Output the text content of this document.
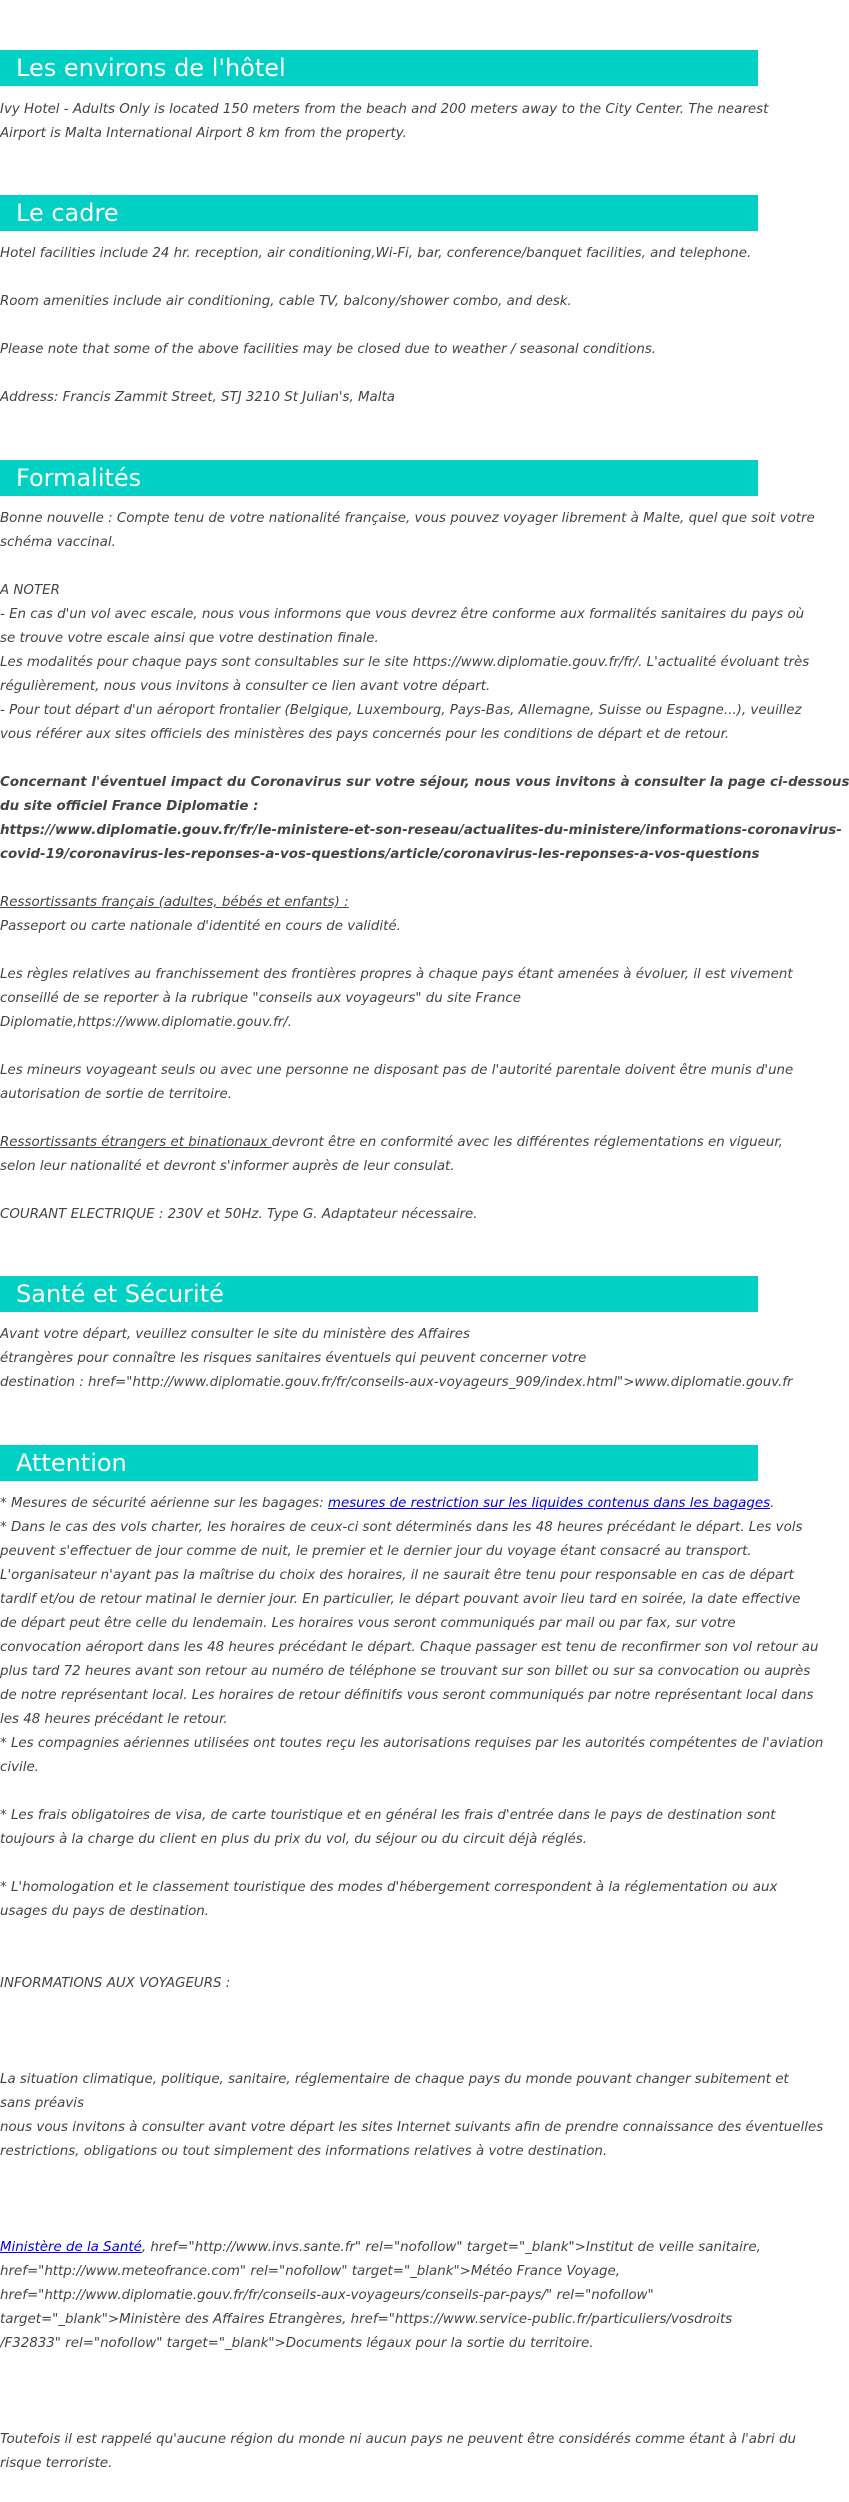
Les environs de l'hôtel
Ivy Hotel - Adults Only is located 150 meters from the beach and 200 meters away to the City Center. The nearest
Airport is Malta International Airport 8 km from the property.
Le cadre
Hotel facilities include 24 hr. reception, air conditioning,Wi-Fi, bar, conference/banquet facilities, and telephone.
Room amenities include air conditioning, cable TV, balcony/shower combo, and desk.
Please note that some of the above facilities may be closed due to weather / seasonal conditions.
Address: Francis Zammit Street, STJ 3210 St Julian's, Malta
Formalités
Bonne nouvelle : Compte tenu de votre nationalité française, vous pouvez voyager librement à Malte, quel que soit votre
schéma vaccinal.
A NOTER
- En cas d'un vol avec escale, nous vous informons que vous devrez être conforme aux formalités sanitaires du pays où
se trouve votre escale ainsi que votre destination finale.
Les modalités pour chaque pays sont consultables sur le site https://www.diplomatie.gouv.fr/fr/. L'actualité évoluant très
régulièrement, nous vous invitons à consulter ce lien avant votre départ.
- Pour tout départ d'un aéroport frontalier (Belgique, Luxembourg, Pays-Bas, Allemagne, Suisse ou Espagne...), veuillez
vous référer aux sites officiels des ministères des pays concernés pour les conditions de départ et de retour.
Concernant l'éventuel impact du Coronavirus sur votre séjour, nous vous invitons à consulter la page ci-dessous
du site officiel France Diplomatie :
https://www.diplomatie.gouv.fr/fr/le-ministere-et-son-reseau/actualites-du-ministere/informations-coronavirus-
covid-19/coronavirus-les-reponses-a-vos-questions/article/coronavirus-les-reponses-a-vos-questions
Ressortissants français (adultes, bébés et enfants) :
Passeport ou carte nationale d'identité en cours de validité.
Les règles relatives au franchissement des frontières propres à chaque pays étant amenées à évoluer, il est vivement
conseillé de se reporter à la rubrique "conseils aux voyageurs" du site France
Diplomatie,https://www.diplomatie.gouv.fr/.
Les mineurs voyageant seuls ou avec une personne ne disposant pas de l'autorité parentale doivent être munis d'une
autorisation de sortie de territoire.
Ressortissants étrangers et binationaux devront être en conformité avec les différentes réglementations en vigueur,
selon leur nationalité et devront s'informer auprès de leur consulat.
COURANT ELECTRIQUE : 230V et 50Hz. Type G. Adaptateur nécessaire.
Santé et Sécurité
Avant votre départ, veuillez consulter le site du ministère des Affaires
étrangères pour connaître les risques sanitaires éventuels qui peuvent concerner votre
destination : href="http://www.diplomatie.gouv.fr/fr/conseils-aux-voyageurs_909/index.html">www.diplomatie.gouv.fr
Attention
* Mesures de sécurité aérienne sur les bagages: mesures de restriction sur les liquides contenus dans les bagages.
* Dans le cas des vols charter, les horaires de ceux-ci sont déterminés dans les 48 heures précédant le départ. Les vols
peuvent s'effectuer de jour comme de nuit, le premier et le dernier jour du voyage étant consacré au transport.
L'organisateur n'ayant pas la maîtrise du choix des horaires, il ne saurait être tenu pour responsable en cas de départ
tardif et/ou de retour matinal le dernier jour. En particulier, le départ pouvant avoir lieu tard en soirée, la date effective
de départ peut être celle du lendemain. Les horaires vous seront communiqués par mail ou par fax, sur votre
convocation aéroport dans les 48 heures précédant le départ. Chaque passager est tenu de reconfirmer son vol retour au
plus tard 72 heures avant son retour au numéro de téléphone se trouvant sur son billet ou sur sa convocation ou auprès
de notre représentant local. Les horaires de retour définitifs vous seront communiqués par notre représentant local dans
les 48 heures précédant le retour.
* Les compagnies aériennes utilisées ont toutes reçu les autorisations requises par les autorités compétentes de l'aviation
civile.
* Les frais obligatoires de visa, de carte touristique et en général les frais d'entrée dans le pays de destination sont
toujours à la charge du client en plus du prix du vol, du séjour ou du circuit déjà réglés.
* L'homologation et le classement touristique des modes d'hébergement correspondent à la réglementation ou aux
usages du pays de destination.
INFORMATIONS AUX VOYAGEURS :
La situation climatique, politique, sanitaire, réglementaire de chaque pays du monde pouvant changer subitement et
sans préavis
nous vous invitons à consulter avant votre départ les sites Internet suivants afin de prendre connaissance des éventuelles
restrictions, obligations ou tout simplement des informations relatives à votre destination.
Ministère de la Santé, href="http://www.invs.sante.fr" rel="nofollow" target="_blank">Institut de veille sanitaire,
href="http://www.meteofrance.com" rel="nofollow" target="_blank">Météo France Voyage,
href="http://www.diplomatie.gouv.fr/fr/conseils-aux-voyageurs/conseils-par-pays/" rel="nofollow"
target="_blank">Ministère des Affaires Etrangères, href="https://www.service-public.fr/particuliers/vosdroits
/F32833" rel="nofollow" target="_blank">Documents légaux pour la sortie du territoire.
Toutefois il est rappelé qu'aucune région du monde ni aucun pays ne peuvent être considérés comme étant à l'abri du
risque terroriste.
